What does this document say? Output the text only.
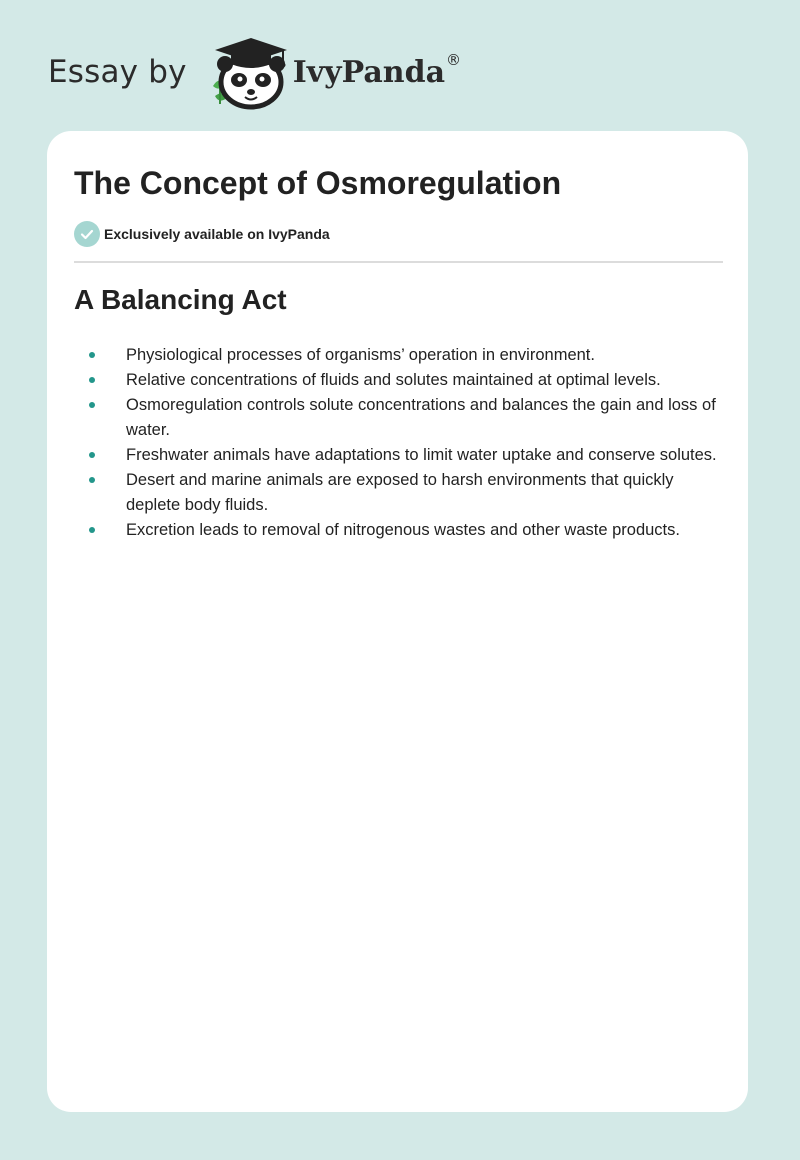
Essay by	IvyPanda ®
The Concept of Osmoregulation
Exclusively available on IvyPanda
A Balancing Act
Physiological processes of organisms’ operation in environment.
Relative concentrations of fluids and solutes maintained at optimal levels.
Osmoregulation controls solute concentrations and balances the gain and loss of water.
Freshwater animals have adaptations to limit water uptake and conserve solutes.
Desert and marine animals are exposed to harsh environments that quickly deplete body fluids.
Excretion leads to removal of nitrogenous wastes and other waste products.
